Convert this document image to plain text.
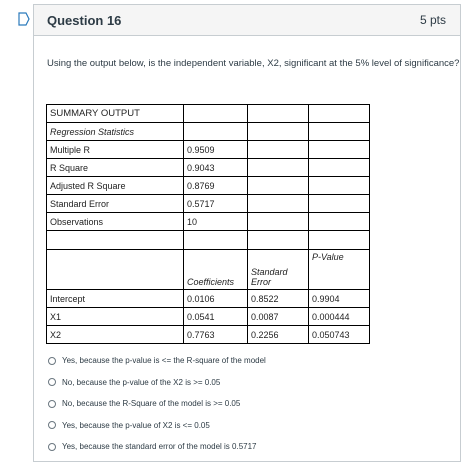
Question 16	5 pts
Using the output below, is the independent variable, X2, significant at the 5% level of significance?
SUMMARY OUTPUT			
Regression Statistics			
Multiple R	0.9509		
R Square	0.9043		
Adjusted R Square	0.8769		
Standard Error	0.5717		
Observations	10		

	Coefficients	Standard Error	P-Value
Intercept	0.0106	0.8522	0.9904
X1	0.0541	0.0087	0.000444
X2	0.7763	0.2256	0.050743
Yes, because the p-value is <= the R-square of the model
No, because the p-value of the X2 is >= 0.05
No, because the R-Square of the model is >= 0.05
Yes, because the p-value of X2 is <= 0.05
Yes, because the standard error of the model is 0.5717
